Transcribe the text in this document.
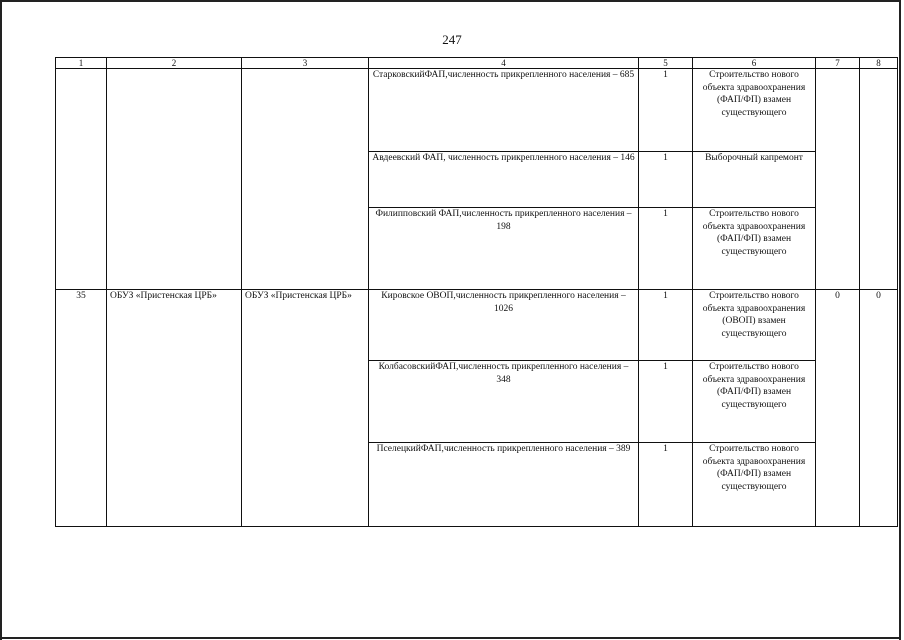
247
1	2	3	4	5	6	7	8
			СтарковскийФАП,численность прикрепленного населения – 685	1	Строительство нового объекта здравоохранения (ФАП/ФП) взамен существующего		
			Авдеевский ФАП, численность прикрепленного населения – 146	1	Выборочный капремонт		
			Филипповский ФАП,численность прикрепленного населения – 198	1	Строительство нового объекта здравоохранения (ФАП/ФП) взамен существующего		
35	ОБУЗ «Пристенская ЦРБ»	ОБУЗ «Пристенская ЦРБ»	Кировское ОВОП,численность прикрепленного населения – 1026	1	Строительство нового объекта здравоохранения (ОВОП) взамен существующего	0	0
			КолбасовскийФАП,численность прикрепленного населения – 348	1	Строительство нового объекта здравоохранения (ФАП/ФП) взамен существующего		
			ПселецкийФАП,численность прикрепленного населения – 389	1	Строительство нового объекта здравоохранения (ФАП/ФП) взамен существующего		
